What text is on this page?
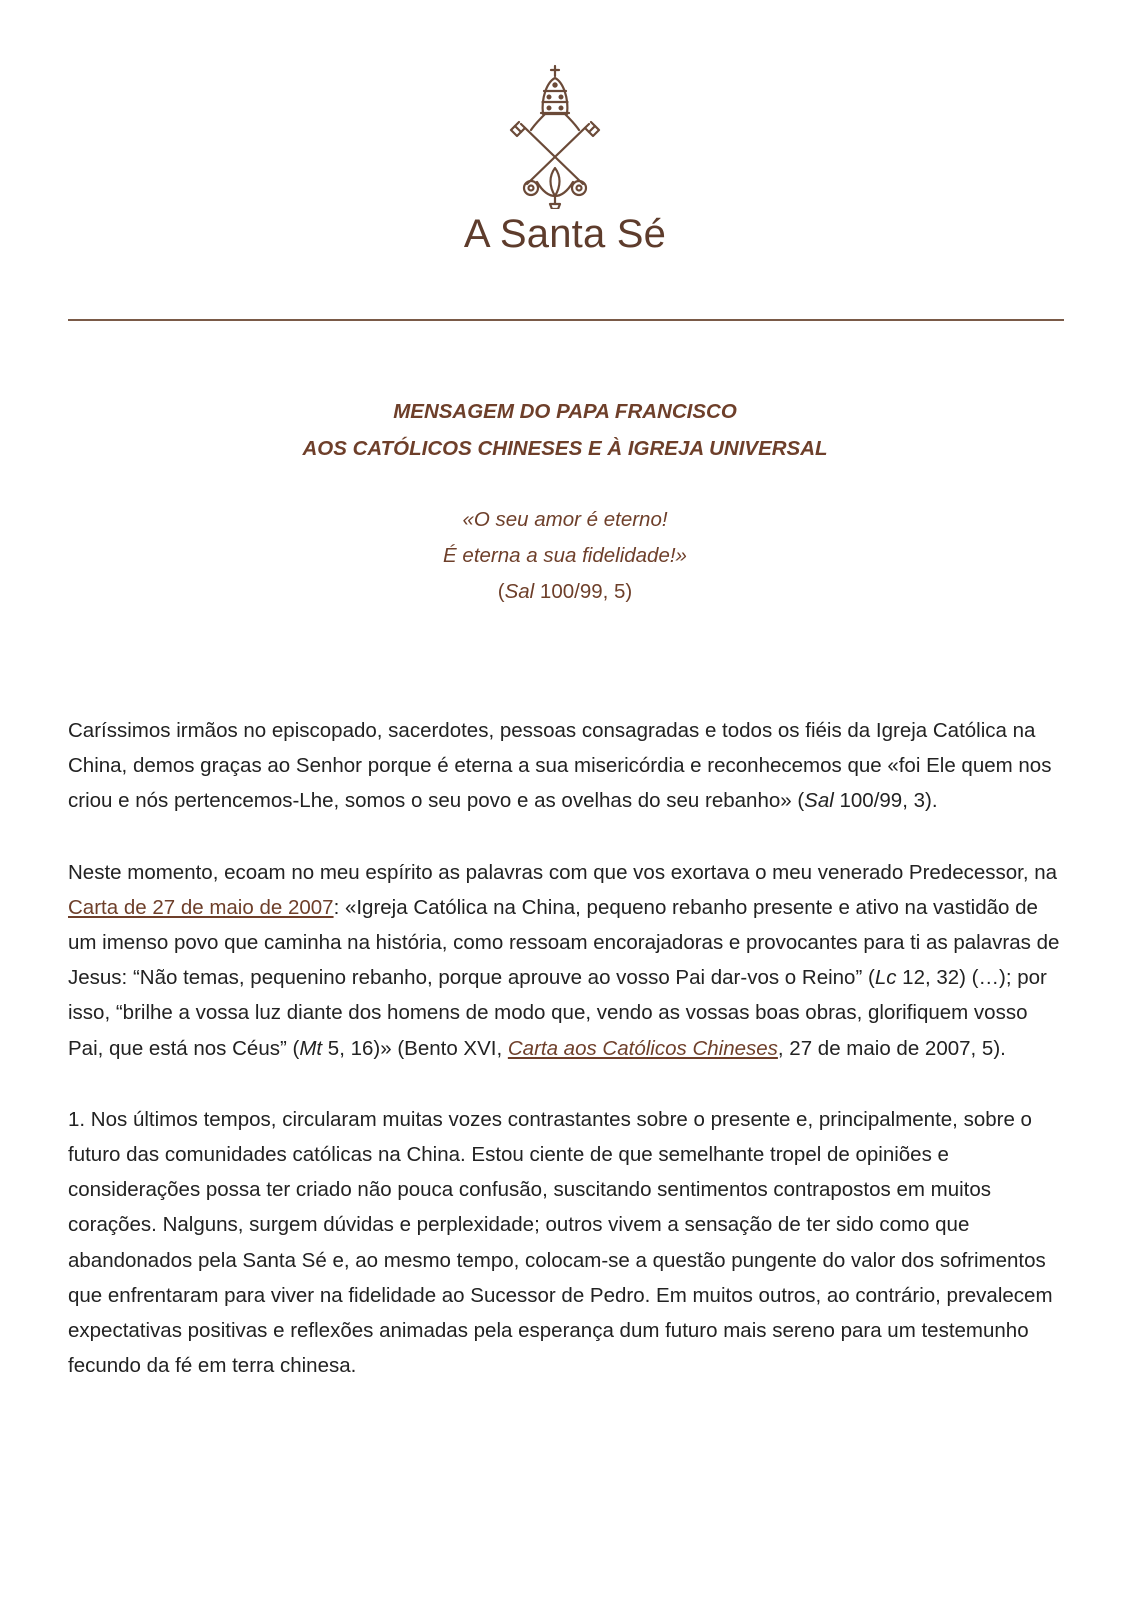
A Santa Sé
MENSAGEM DO PAPA FRANCISCO
AOS CATÓLICOS CHINESES E À IGREJA UNIVERSAL
«O seu amor é eterno!
É eterna a sua fidelidade!»
(Sal 100/99, 5)

Caríssimos irmãos no episcopado, sacerdotes, pessoas consagradas e todos os fiéis da Igreja Católica na China, demos graças ao Senhor porque é eterna a sua misericórdia e reconhecemos que «foi Ele quem nos criou e nós pertencemos-Lhe, somos o seu povo e as ovelhas do seu rebanho» (Sal 100/99, 3).

Neste momento, ecoam no meu espírito as palavras com que vos exortava o meu venerado Predecessor, na Carta de 27 de maio de 2007: «Igreja Católica na China, pequeno rebanho presente e ativo na vastidão de um imenso povo que caminha na história, como ressoam encorajadoras e provocantes para ti as palavras de Jesus: “Não temas, pequenino rebanho, porque aprouve ao vosso Pai dar-vos o Reino” (Lc 12, 32) (…); por isso, “brilhe a vossa luz diante dos homens de modo que, vendo as vossas boas obras, glorifiquem vosso Pai, que está nos Céus” (Mt 5, 16)» (Bento XVI, Carta aos Católicos Chineses, 27 de maio de 2007, 5).

1. Nos últimos tempos, circularam muitas vozes contrastantes sobre o presente e, principalmente, sobre o futuro das comunidades católicas na China. Estou ciente de que semelhante tropel de opiniões e considerações possa ter criado não pouca confusão, suscitando sentimentos contrapostos em muitos corações. Nalguns, surgem dúvidas e perplexidade; outros vivem a sensação de ter sido como que abandonados pela Santa Sé e, ao mesmo tempo, colocam-se a questão pungente do valor dos sofrimentos que enfrentaram para viver na fidelidade ao Sucessor de Pedro. Em muitos outros, ao contrário, prevalecem expectativas positivas e reflexões animadas pela esperança dum futuro mais sereno para um testemunho fecundo da fé em terra chinesa.
